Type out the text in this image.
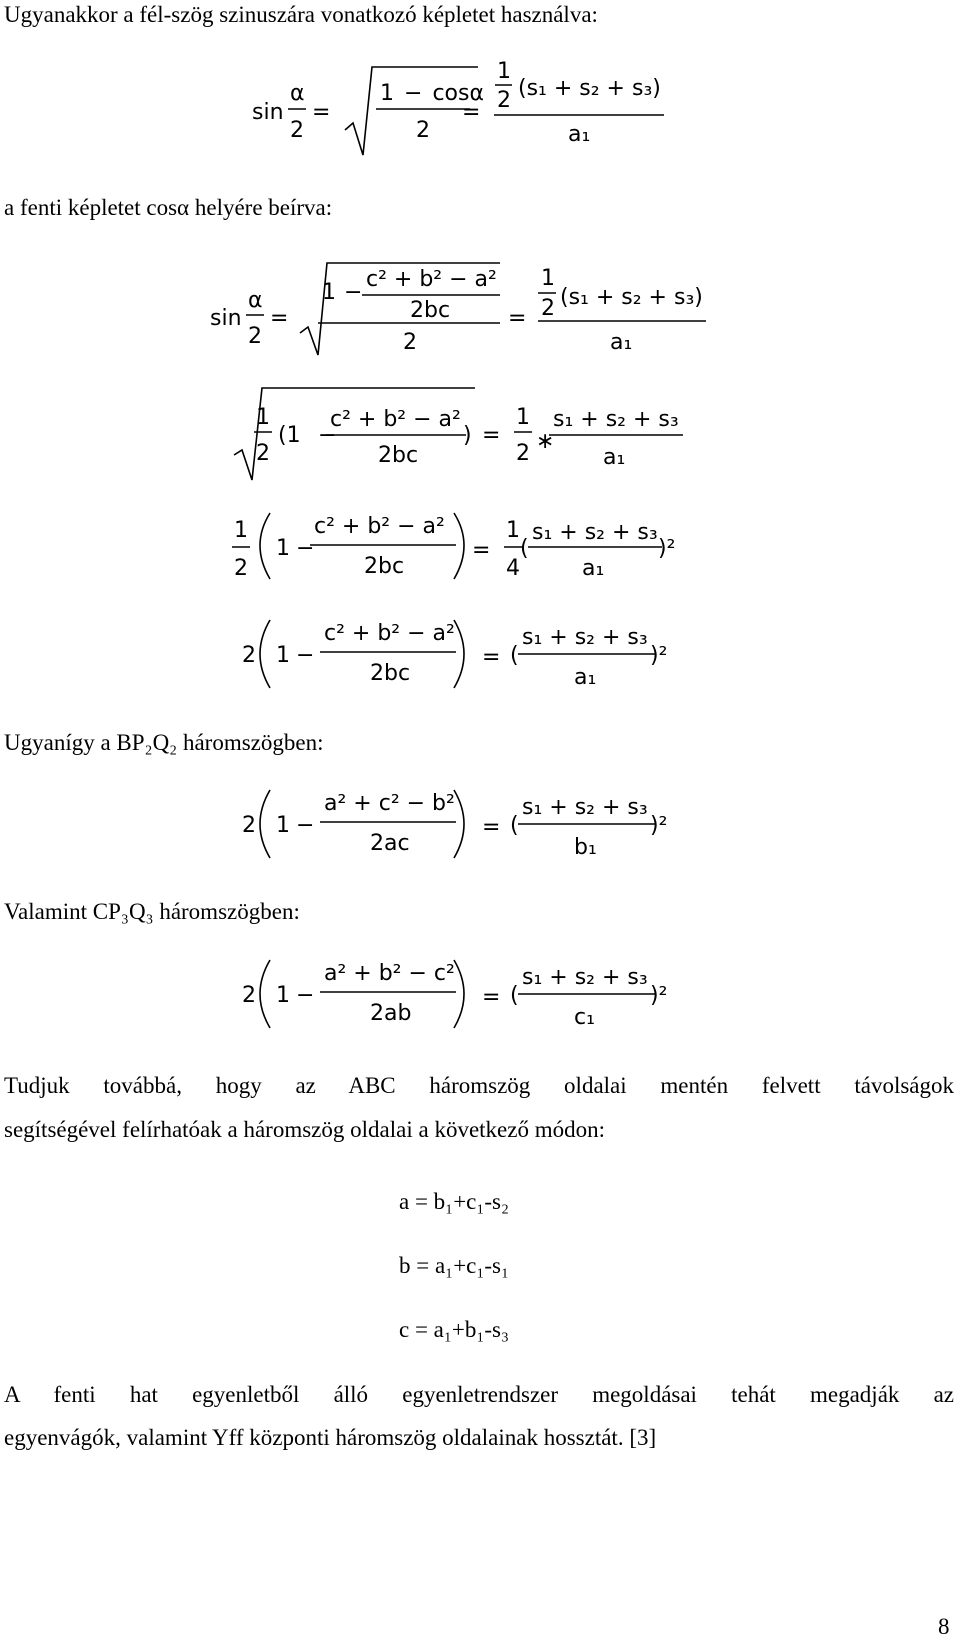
Ugyanakkor a fél-szög szinuszára vonatkozó képletet használva:
a fenti képletet cosα helyére beírva:
Ugyanígy a BP₂Q₂ háromszögben:
Valamint CP₃Q₃ háromszögben:
Tudjuk továbbá, hogy az ABC háromszög oldalai mentén felvett távolságok
segítségével felírhatóak a háromszög oldalai a következő módon:
a = b₁+c₁-s₂
b = a₁+c₁-s₁
c = a₁+b₁-s₃
A fenti hat egyenletből álló egyenletrendszer megoldásai tehát megadják az
egyenvágók, valamint Yff központi háromszög oldalainak hossztát. [3]
8
sin
α
2
=
1 − cosα
2
=
1
2 (s₁ + s₂ + s₃)
a₁
sin
α
2
=
1 −
c² + b² − a²
2bc
2
=
1
2 (s₁ + s₂ + s₃)
a₁
1
2
(1 −
c² + b² − a²
2bc
) =
1
2 ∗
s₁ + s₂ + s₃
a₁
1
2
1 −
c² + b² − a²
2bc
=
1
4
(
s₁ + s₂ + s₃
a₁
)²
2 1 −
c² + b² − a²
2bc
= (
s₁ + s₂ + s₃
a₁
)²
2 1 −
a² + c² − b²
2ac
= (
s₁ + s₂ + s₃
b₁
)²
2 1 −
a² + b² − c²
2ab
= (
s₁ + s₂ + s₃
c₁
)²
